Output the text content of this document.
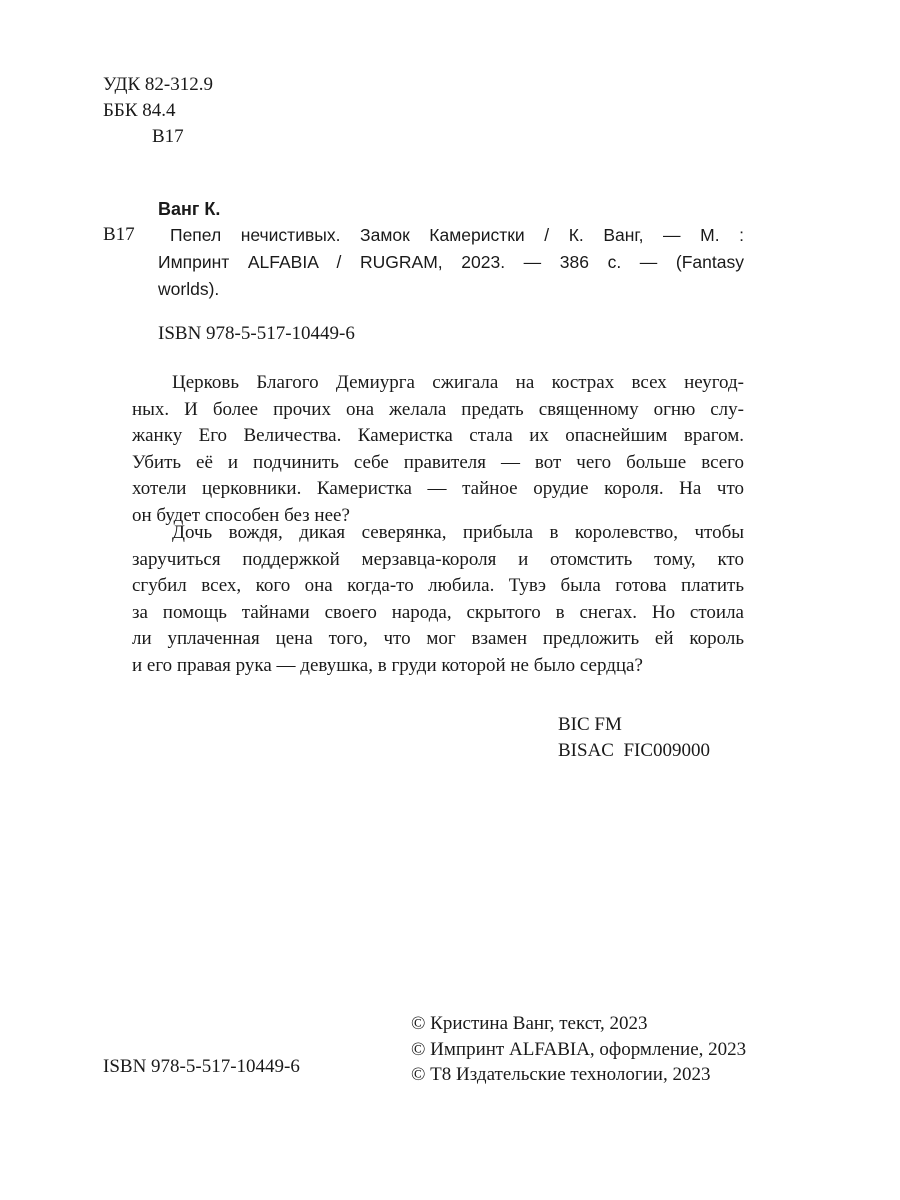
УДК 82-312.9
ББК 84.4
В17
Ванг К.
В17 Пепел нечистивых. Замок Камеристки / К. Ванг, — М. :
Импринт ALFABIA / RUGRAM, 2023. — 386 с. — (Fantasy
worlds).
ISBN 978-5-517-10449-6
Церковь Благого Демиурга сжигала на кострах всех неугод-
ных. И более прочих она желала предать священному огню слу-
жанку Его Величества. Камеристка стала их опаснейшим врагом.
Убить её и подчинить себе правителя — вот чего больше всего
хотели церковники. Камеристка — тайное орудие короля. На что
он будет способен без нее?
Дочь вождя, дикая северянка, прибыла в королевство, чтобы
заручиться поддержкой мерзавца-короля и отомстить тому, кто
сгубил всех, кого она когда-то любила. Тувэ была готова платить
за помощь тайнами своего народа, скрытого в снегах. Но стоила
ли уплаченная цена того, что мог взамен предложить ей король
и его правая рука — девушка, в груди которой не было сердца?
BIC FM
BISAC  FIC009000
© Кристина Ванг, текст, 2023
© Импринт ALFABIA, оформление, 2023
© Т8 Издательские технологии, 2023
ISBN 978-5-517-10449-6
